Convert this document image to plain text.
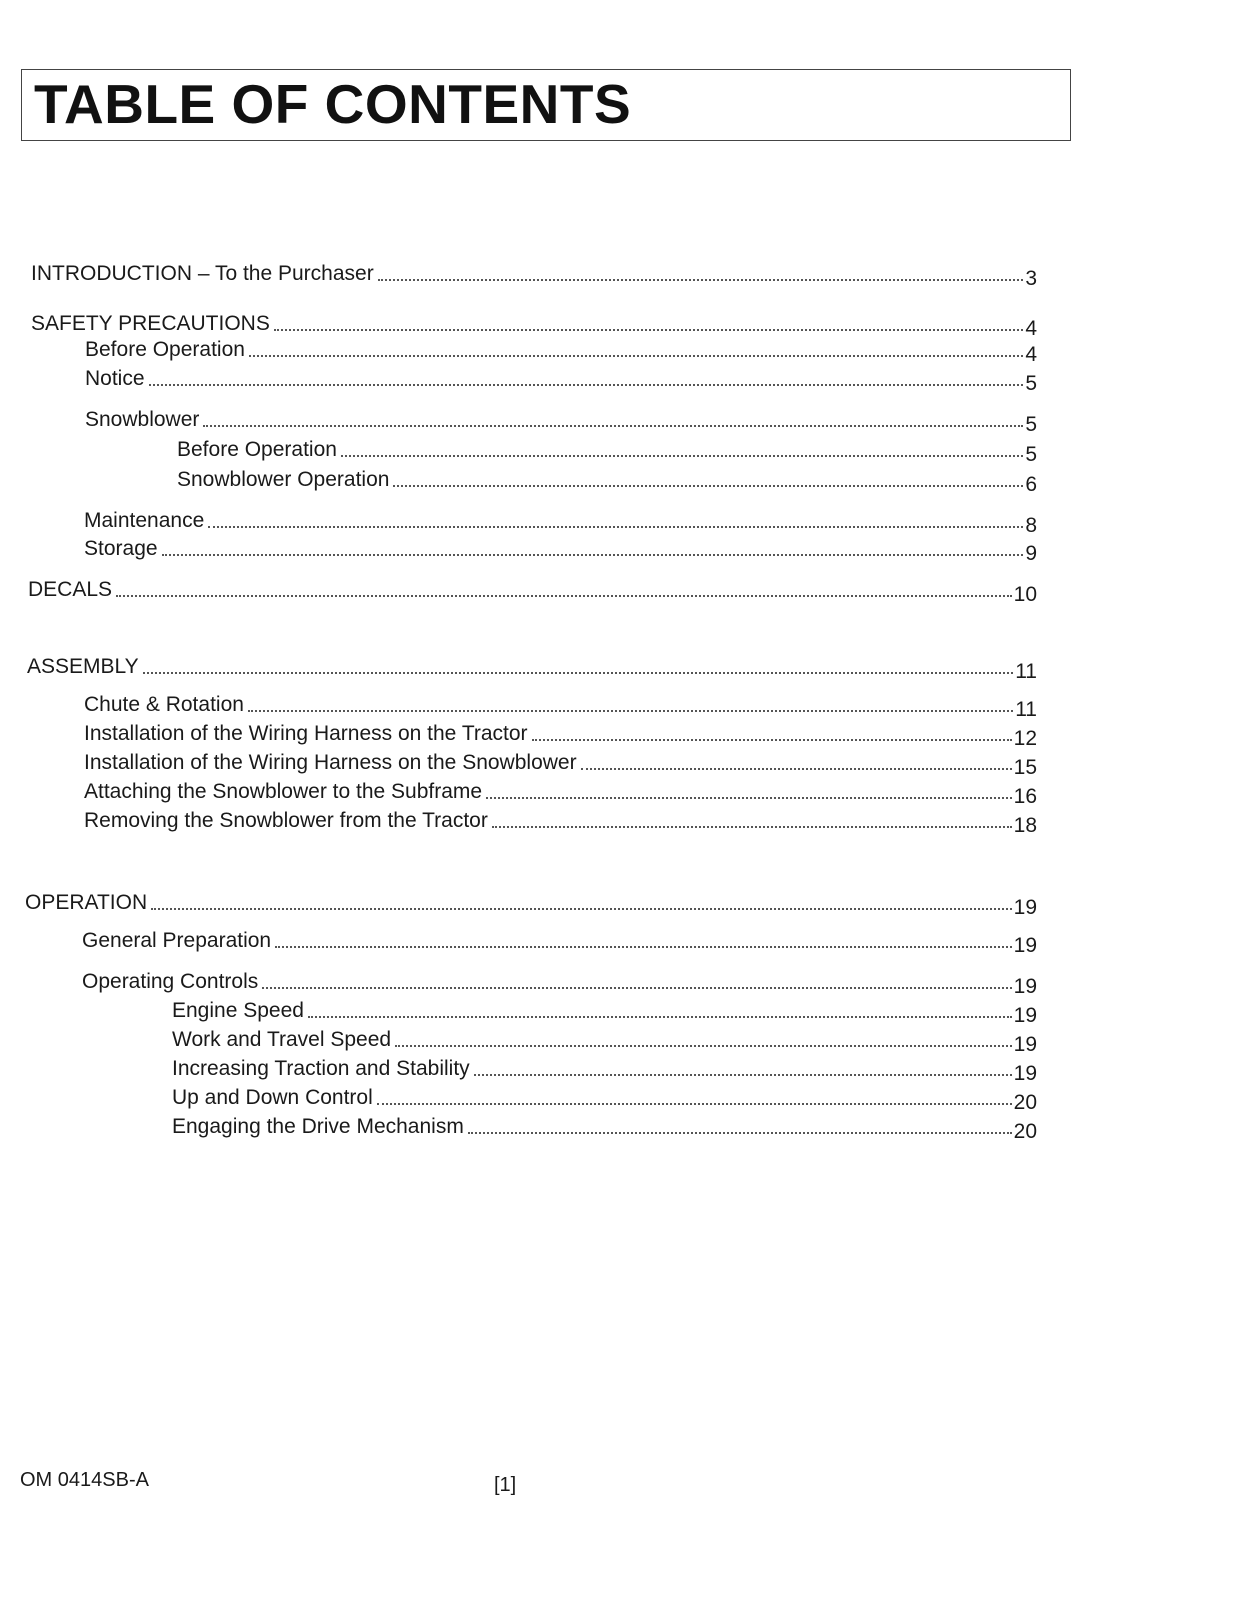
TABLE OF CONTENTS
INTRODUCTION – To the Purchaser	3
SAFETY PRECAUTIONS	4
Before Operation	4
Notice	5
Snowblower	5
Before Operation	5
Snowblower Operation	6
Maintenance	8
Storage	9
DECALS	10
ASSEMBLY	11
Chute & Rotation	11
Installation of the Wiring Harness on the Tractor	12
Installation of the Wiring Harness on the Snowblower	15
Attaching the Snowblower to the Subframe	16
Removing the Snowblower from the Tractor	18
OPERATION	19
General Preparation	19
Operating Controls	19
Engine Speed	19
Work and Travel Speed	19
Increasing Traction and Stability	19
Up and Down Control	20
Engaging the Drive Mechanism	20
OM 0414SB-A	[1]
